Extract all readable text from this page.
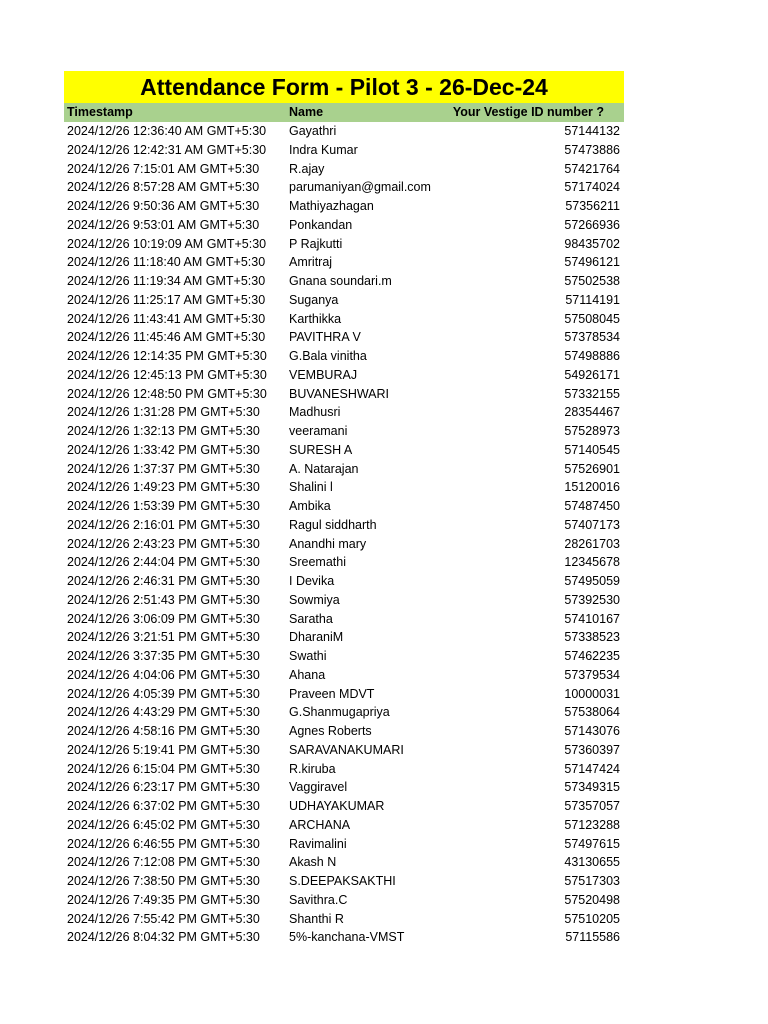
Attendance Form - Pilot 3 - 26-Dec-24
Timestamp	Name	Your Vestige ID number ?
2024/12/26 12:36:40 AM GMT+5:30 Gayathri	57144132
2024/12/26 12:42:31 AM GMT+5:30 Indra Kumar	57473886
2024/12/26 7:15:01 AM GMT+5:30 R.ajay	57421764
2024/12/26 8:57:28 AM GMT+5:30 parumaniyan@gmail.com	57174024
2024/12/26 9:50:36 AM GMT+5:30 Mathiyazhagan	57356211
2024/12/26 9:53:01 AM GMT+5:30 Ponkandan	57266936
2024/12/26 10:19:09 AM GMT+5:30 P Rajkutti	98435702
2024/12/26 11:18:40 AM GMT+5:30 Amritraj	57496121
2024/12/26 11:19:34 AM GMT+5:30 Gnana soundari.m	57502538
2024/12/26 11:25:17 AM GMT+5:30 Suganya	57114191
2024/12/26 11:43:41 AM GMT+5:30 Karthikka	57508045
2024/12/26 11:45:46 AM GMT+5:30 PAVITHRA V	57378534
2024/12/26 12:14:35 PM GMT+5:30 G.Bala vinitha	57498886
2024/12/26 12:45:13 PM GMT+5:30 VEMBURAJ	54926171
2024/12/26 12:48:50 PM GMT+5:30 BUVANESHWARI	57332155
2024/12/26 1:31:28 PM GMT+5:30 Madhusri	28354467
2024/12/26 1:32:13 PM GMT+5:30 veeramani	57528973
2024/12/26 1:33:42 PM GMT+5:30 SURESH A	57140545
2024/12/26 1:37:37 PM GMT+5:30 A. Natarajan	57526901
2024/12/26 1:49:23 PM GMT+5:30 Shalini l	15120016
2024/12/26 1:53:39 PM GMT+5:30 Ambika	57487450
2024/12/26 2:16:01 PM GMT+5:30 Ragul siddharth	57407173
2024/12/26 2:43:23 PM GMT+5:30 Anandhi mary	28261703
2024/12/26 2:44:04 PM GMT+5:30 Sreemathi	12345678
2024/12/26 2:46:31 PM GMT+5:30 I Devika	57495059
2024/12/26 2:51:43 PM GMT+5:30 Sowmiya	57392530
2024/12/26 3:06:09 PM GMT+5:30 Saratha	57410167
2024/12/26 3:21:51 PM GMT+5:30 DharaniM	57338523
2024/12/26 3:37:35 PM GMT+5:30 Swathi	57462235
2024/12/26 4:04:06 PM GMT+5:30 Ahana	57379534
2024/12/26 4:05:39 PM GMT+5:30 Praveen MDVT	10000031
2024/12/26 4:43:29 PM GMT+5:30 G.Shanmugapriya	57538064
2024/12/26 4:58:16 PM GMT+5:30 Agnes Roberts	57143076
2024/12/26 5:19:41 PM GMT+5:30 SARAVANAKUMARI	57360397
2024/12/26 6:15:04 PM GMT+5:30 R.kiruba	57147424
2024/12/26 6:23:17 PM GMT+5:30 Vaggiravel	57349315
2024/12/26 6:37:02 PM GMT+5:30 UDHAYAKUMAR	57357057
2024/12/26 6:45:02 PM GMT+5:30 ARCHANA	57123288
2024/12/26 6:46:55 PM GMT+5:30 Ravimalini	57497615
2024/12/26 7:12:08 PM GMT+5:30 Akash N	43130655
2024/12/26 7:38:50 PM GMT+5:30 S.DEEPAKSAKTHI	57517303
2024/12/26 7:49:35 PM GMT+5:30 Savithra.C	57520498
2024/12/26 7:55:42 PM GMT+5:30 Shanthi R	57510205
2024/12/26 8:04:32 PM GMT+5:30 5%-kanchana-VMST	57115586
